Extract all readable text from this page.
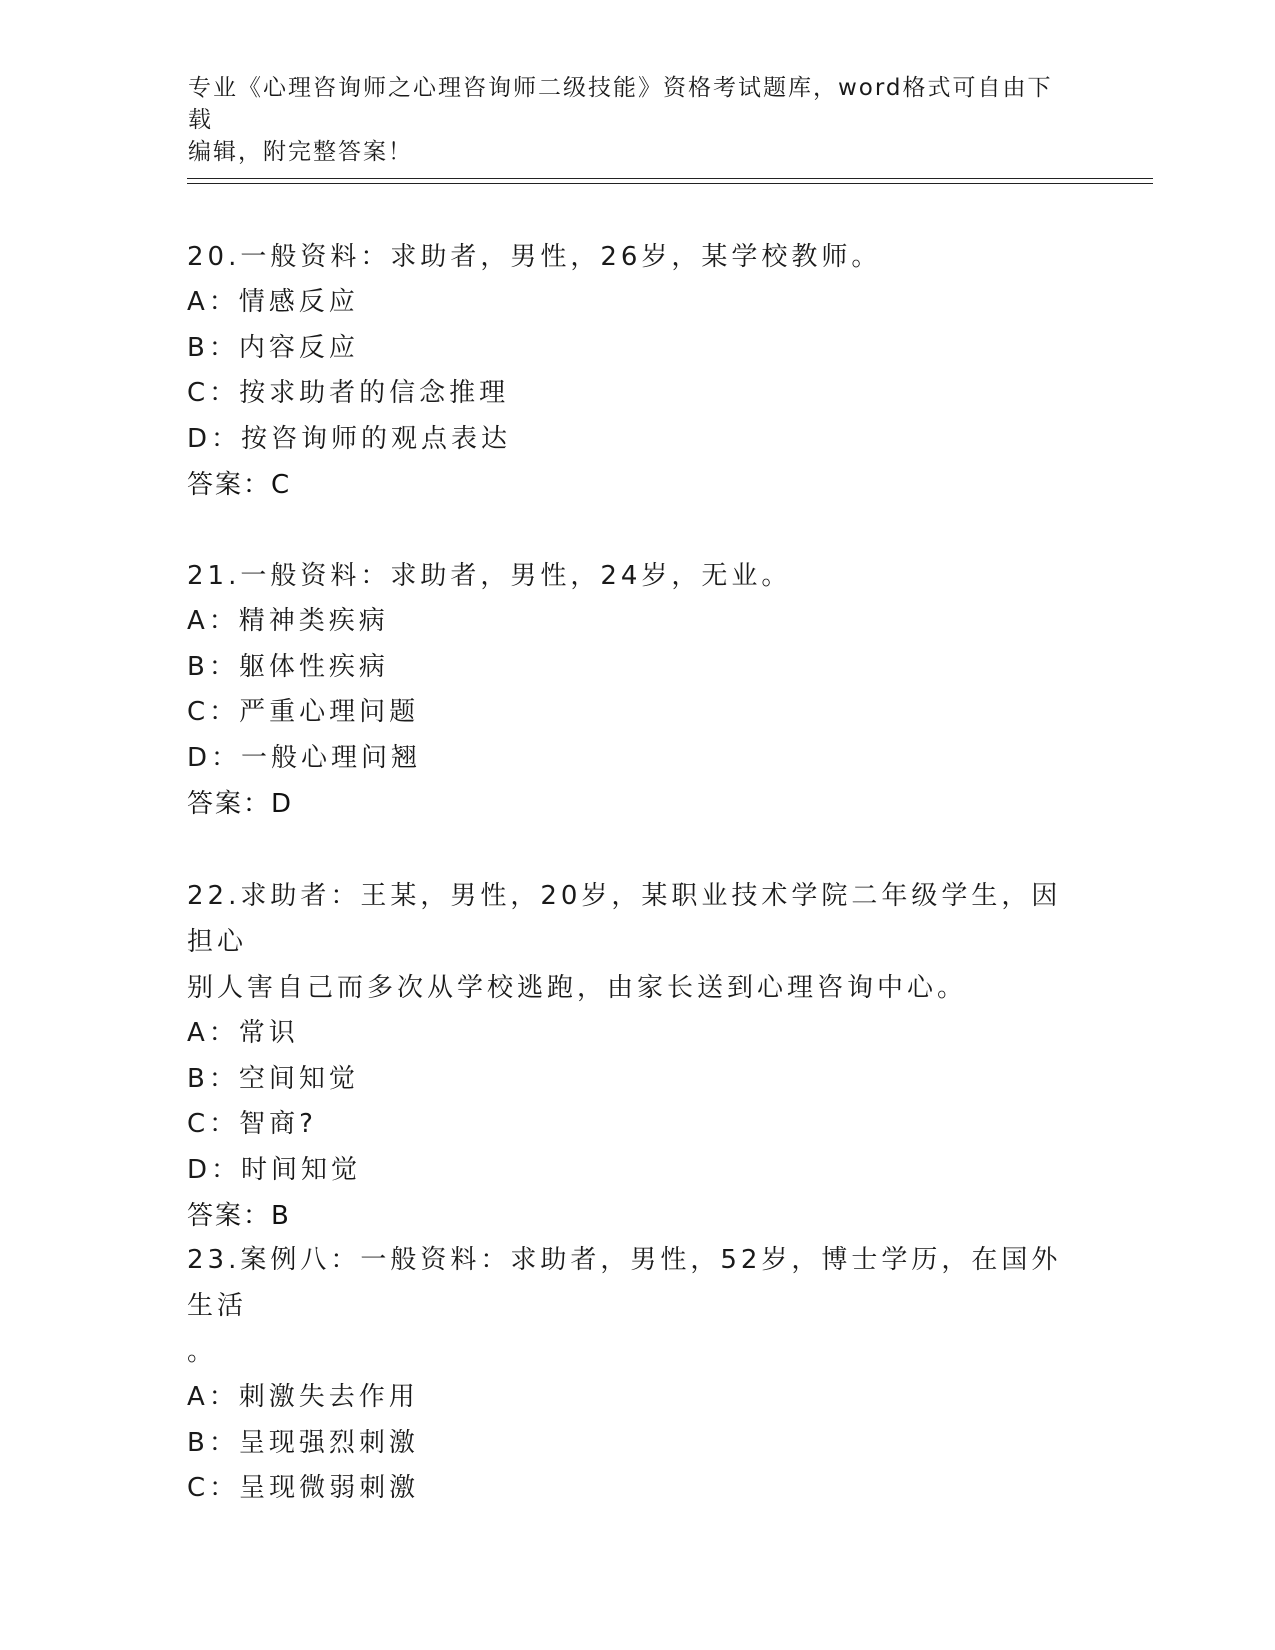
专业《心理咨询师之心理咨询师二级技能》资格考试题库，word格式可自由下载
编辑，附完整答案！

20.一般资料：求助者，男性，26岁，某学校教师。

A：情感反应

B：内容反应

C：按求助者的信念推理

D：按咨询师的观点表达

答案：C

21.一般资料：求助者，男性，24岁，无业。

A：精神类疾病

B：躯体性疾病

C：严重心理问题

D：一般心理问翘

答案：D

22.求助者：王某，男性，20岁，某职业技术学院二年级学生，因担心

别人害自己而多次从学校逃跑，由家长送到心理咨询中心。

A：常识

B：空间知觉

C：智商?

D：时间知觉

答案：B

23.案例八：一般资料：求助者，男性，52岁，博士学历，在国外生活

。

A：刺激失去作用

B：呈现强烈刺激

C：呈现微弱刺激
